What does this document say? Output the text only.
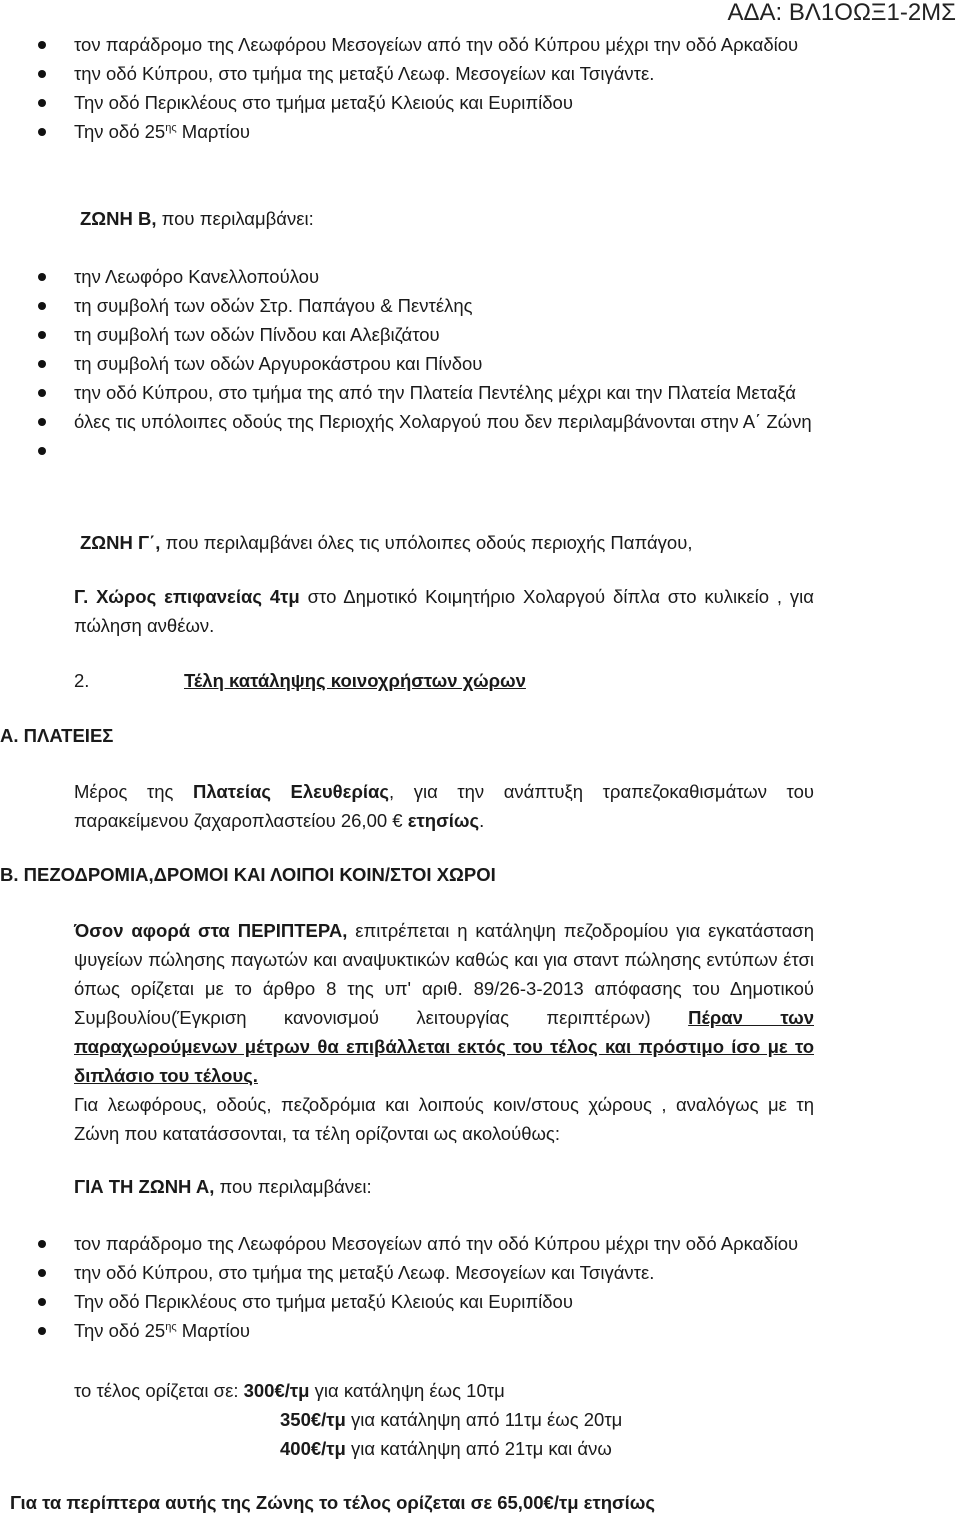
ΑΔΑ: ΒΛ1ΟΩΞ1-2ΜΣ
τον παράδρομο της Λεωφόρου Μεσογείων από την οδό Κύπρου μέχρι την οδό Αρκαδίου
την οδό Κύπρου, στο τμήμα της μεταξύ Λεωφ. Μεσογείων και Τσιγάντε.
Την οδό Περικλέους στο τμήμα μεταξύ Κλειούς και Ευριπίδου
Την οδό $25^{\eta\varsigma}$ Μαρτίου
ΖΩΝΗ Β, που περιλαμβάνει:
την Λεωφόρο Κανελλοπούλου
τη συμβολή των οδών Στρ. Παπάγου & Πεντέλης
τη συμβολή των οδών Πίνδου και Αλεβιζάτου
τη συμβολή των οδών Αργυροκάστρου και Πίνδου
την οδό Κύπρου, στο τμήμα της από την Πλατεία Πεντέλης μέχρι και την Πλατεία Μεταξά
όλες τις υπόλοιπες οδούς της Περιοχής Χολαργού που δεν περιλαμβάνονται στην Α΄ Ζώνη

ΖΩΝΗ Γ΄, που περιλαμβάνει όλες τις υπόλοιπες οδούς περιοχής Παπάγου,
Γ. Χώρος επιφανείας 4τμ στο Δημοτικό Κοιμητήριο Χολαργού δίπλα στο κυλικείο , για πώληση ανθέων.
2.	Τέλη κατάληψης κοινοχρήστων χώρων
Α. ΠΛΑΤΕΙΕΣ
Μέρος της Πλατείας Ελευθερίας, για την ανάπτυξη τραπεζοκαθισμάτων του παρακείμενου ζαχαροπλαστείου 26,00 € ετησίως.
Β. ΠΕΖΟΔΡΟΜΙΑ,ΔΡΟΜΟΙ ΚΑΙ ΛΟΙΠΟΙ ΚΟΙΝ/ΣΤΟΙ ΧΩΡΟΙ
Όσον αφορά στα ΠΕΡΙΠΤΕΡΑ, επιτρέπεται η κατάληψη πεζοδρομίου για εγκατάσταση ψυγείων πώλησης παγωτών και αναψυκτικών καθώς και για σταντ πώλησης εντύπων έτσι όπως ορίζεται με το άρθρο 8 της υπ' αριθ. 89/26-3-2013 απόφασης του Δημοτικού Συμβουλίου(Έγκριση κανονισμού λειτουργίας περιπτέρων) Πέραν των παραχωρούμενων μέτρων θα επιβάλλεται εκτός του τέλος και πρόστιμο ίσο με το διπλάσιο του τέλους.
Για λεωφόρους, οδούς, πεζοδρόμια και λοιπούς κοιν/στους χώρους , αναλόγως με τη Ζώνη που κατατάσσονται, τα τέλη ορίζονται ως ακολούθως:
ΓΙΑ ΤΗ ΖΩΝΗ Α, που περιλαμβάνει:
τον παράδρομο της Λεωφόρου Μεσογείων από την οδό Κύπρου μέχρι την οδό Αρκαδίου
την οδό Κύπρου, στο τμήμα της μεταξύ Λεωφ. Μεσογείων και Τσιγάντε.
Την οδό Περικλέους στο τμήμα μεταξύ Κλειούς και Ευριπίδου
Την οδό $25^{\eta\varsigma}$ Μαρτίου
το τέλος ορίζεται σε: 300€/τμ για κατάληψη έως 10τμ
350€/τμ για κατάληψη από 11τμ έως 20τμ
400€/τμ για κατάληψη από 21τμ και άνω
Για τα περίπτερα αυτής της Ζώνης το τέλος ορίζεται σε 65,00€/τμ ετησίως
